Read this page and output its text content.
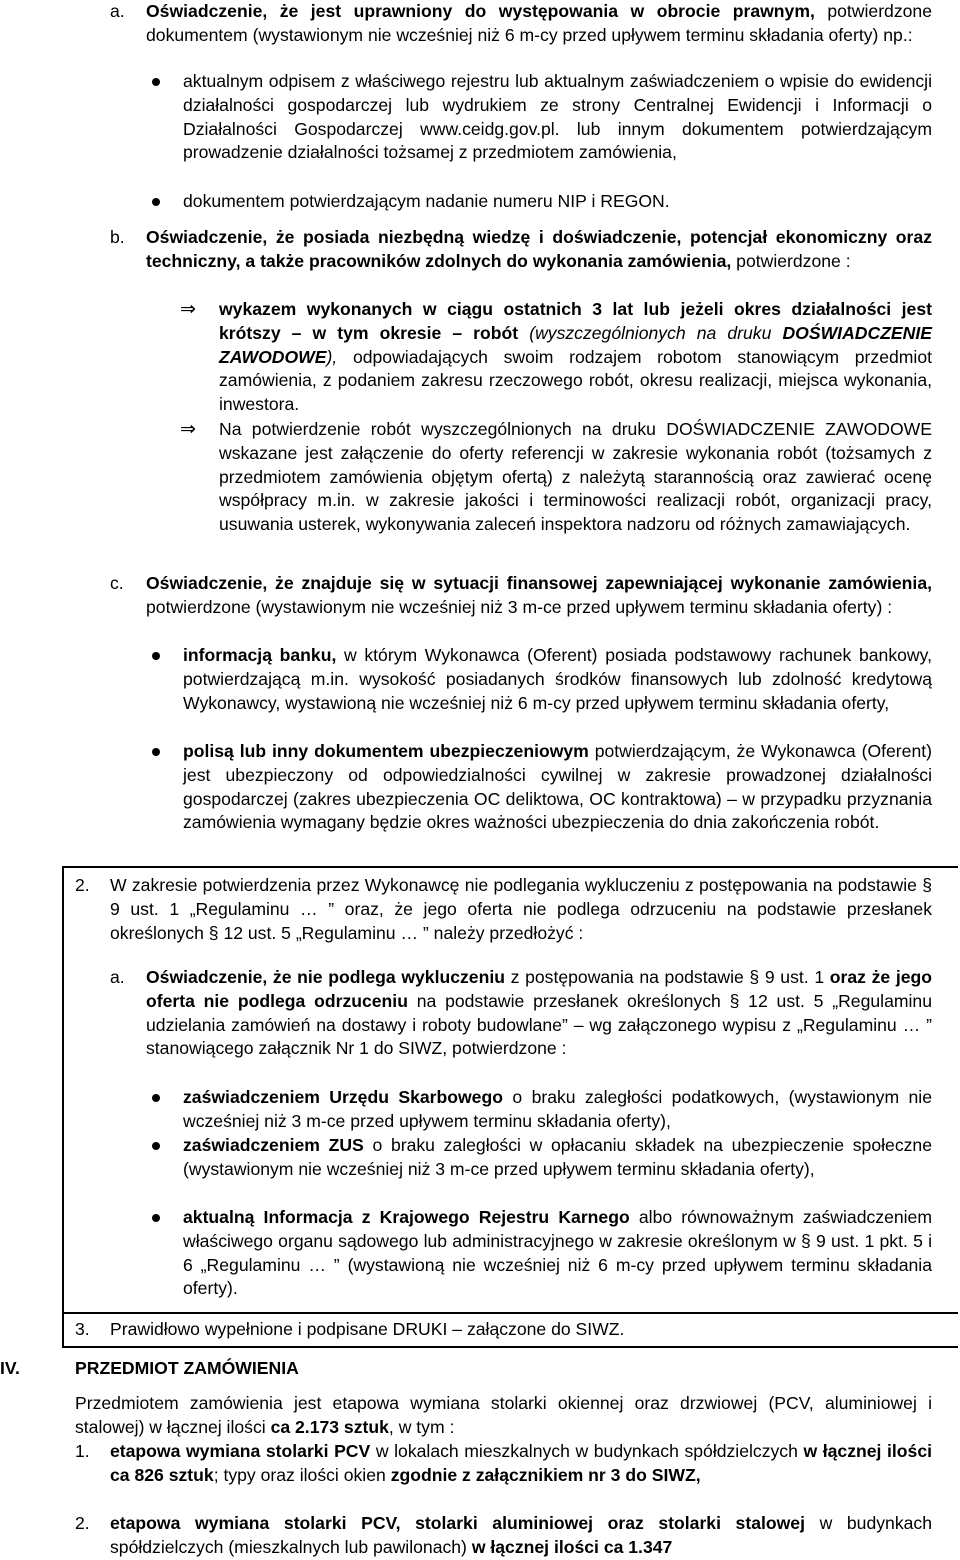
a. Oświadczenie, że jest uprawniony do występowania w obrocie prawnym, potwierdzone dokumentem (wystawionym nie wcześniej niż 6 m-cy przed upływem terminu składania oferty) np.:
aktualnym odpisem z właściwego rejestru lub aktualnym zaświadczeniem o wpisie do ewidencji działalności gospodarczej lub wydrukiem ze strony Centralnej Ewidencji i Informacji o Działalności Gospodarczej www.ceidg.gov.pl. lub innym dokumentem potwierdzającym prowadzenie działalności tożsamej z przedmiotem zamówienia,
dokumentem potwierdzającym nadanie numeru NIP i REGON.
b. Oświadczenie, że posiada niezbędną wiedzę i doświadczenie, potencjał ekonomiczny oraz techniczny, a także pracowników zdolnych do wykonania zamówienia, potwierdzone :
⇒ wykazem wykonanych w ciągu ostatnich 3 lat lub jeżeli okres działalności jest krótszy – w tym okresie – robót (wyszczególnionych na druku DOŚWIADCZENIE ZAWODOWE), odpowiadających swoim rodzajem robotom stanowiącym przedmiot zamówienia, z podaniem zakresu rzeczowego robót, okresu realizacji, miejsca wykonania, inwestora.
⇒ Na potwierdzenie robót wyszczególnionych na druku DOŚWIADCZENIE ZAWODOWE wskazane jest załączenie do oferty referencji w zakresie wykonania robót (tożsamych z przedmiotem zamówienia objętym ofertą) z należytą starannością oraz zawierać ocenę współpracy m.in. w zakresie jakości i terminowości realizacji robót, organizacji pracy, usuwania usterek, wykonywania zaleceń inspektora nadzoru od różnych zamawiających.
c. Oświadczenie, że znajduje się w sytuacji finansowej zapewniającej wykonanie zamówienia, potwierdzone (wystawionym nie wcześniej niż 3 m-ce przed upływem terminu składania oferty) :
informacją banku, w którym Wykonawca (Oferent) posiada podstawowy rachunek bankowy, potwierdzającą m.in. wysokość posiadanych środków finansowych lub zdolność kredytową Wykonawcy, wystawioną nie wcześniej niż 6 m-cy przed upływem terminu składania oferty,
polisą lub inny dokumentem ubezpieczeniowym potwierdzającym, że Wykonawca (Oferent) jest ubezpieczony od odpowiedzialności cywilnej w zakresie prowadzonej działalności gospodarczej (zakres ubezpieczenia OC deliktowa, OC kontraktowa) – w przypadku przyznania zamówienia wymagany będzie okres ważności ubezpieczenia do dnia zakończenia robót.
2. W zakresie potwierdzenia przez Wykonawcę nie podlegania wykluczeniu z postępowania na podstawie § 9 ust. 1 „Regulaminu … ” oraz, że jego oferta nie podlega odrzuceniu na podstawie przesłanek określonych § 12 ust. 5 „Regulaminu … ” należy przedłożyć :
a. Oświadczenie, że nie podlega wykluczeniu z postępowania na podstawie § 9 ust. 1 oraz że jego oferta nie podlega odrzuceniu na podstawie przesłanek określonych § 12 ust. 5 „Regulaminu udzielania zamówień na dostawy i roboty budowlane” – wg załączonego wypisu z „Regulaminu … ” stanowiącego załącznik Nr 1 do SIWZ, potwierdzone :
zaświadczeniem Urzędu Skarbowego o braku zaległości podatkowych, (wystawionym nie wcześniej niż 3 m-ce przed upływem terminu składania oferty),
zaświadczeniem ZUS o braku zaległości w opłacaniu składek na ubezpieczenie społeczne (wystawionym nie wcześniej niż 3 m-ce przed upływem terminu składania oferty),
aktualną Informacja z Krajowego Rejestru Karnego albo równoważnym zaświadczeniem właściwego organu sądowego lub administracyjnego w zakresie określonym w § 9 ust. 1 pkt. 5 i 6 „Regulaminu … ” (wystawioną nie wcześniej niż 6 m-cy przed upływem terminu składania oferty).
3. Prawidłowo wypełnione i podpisane DRUKI – załączone do SIWZ.
IV.	PRZEDMIOT ZAMÓWIENIA
Przedmiotem zamówienia jest etapowa wymiana stolarki okiennej oraz drzwiowej (PCV, aluminiowej i stalowej) w łącznej ilości ca 2.173 sztuk, w tym :
1. etapowa wymiana stolarki PCV w lokalach mieszkalnych w budynkach spółdzielczych w łącznej ilości ca 826 sztuk; typy oraz ilości okien zgodnie z załącznikiem nr 3 do SIWZ,
2. etapowa wymiana stolarki PCV, stolarki aluminiowej oraz stolarki stalowej w budynkach spółdzielczych (mieszkalnych lub pawilonach) w łącznej ilości ca 1.347
